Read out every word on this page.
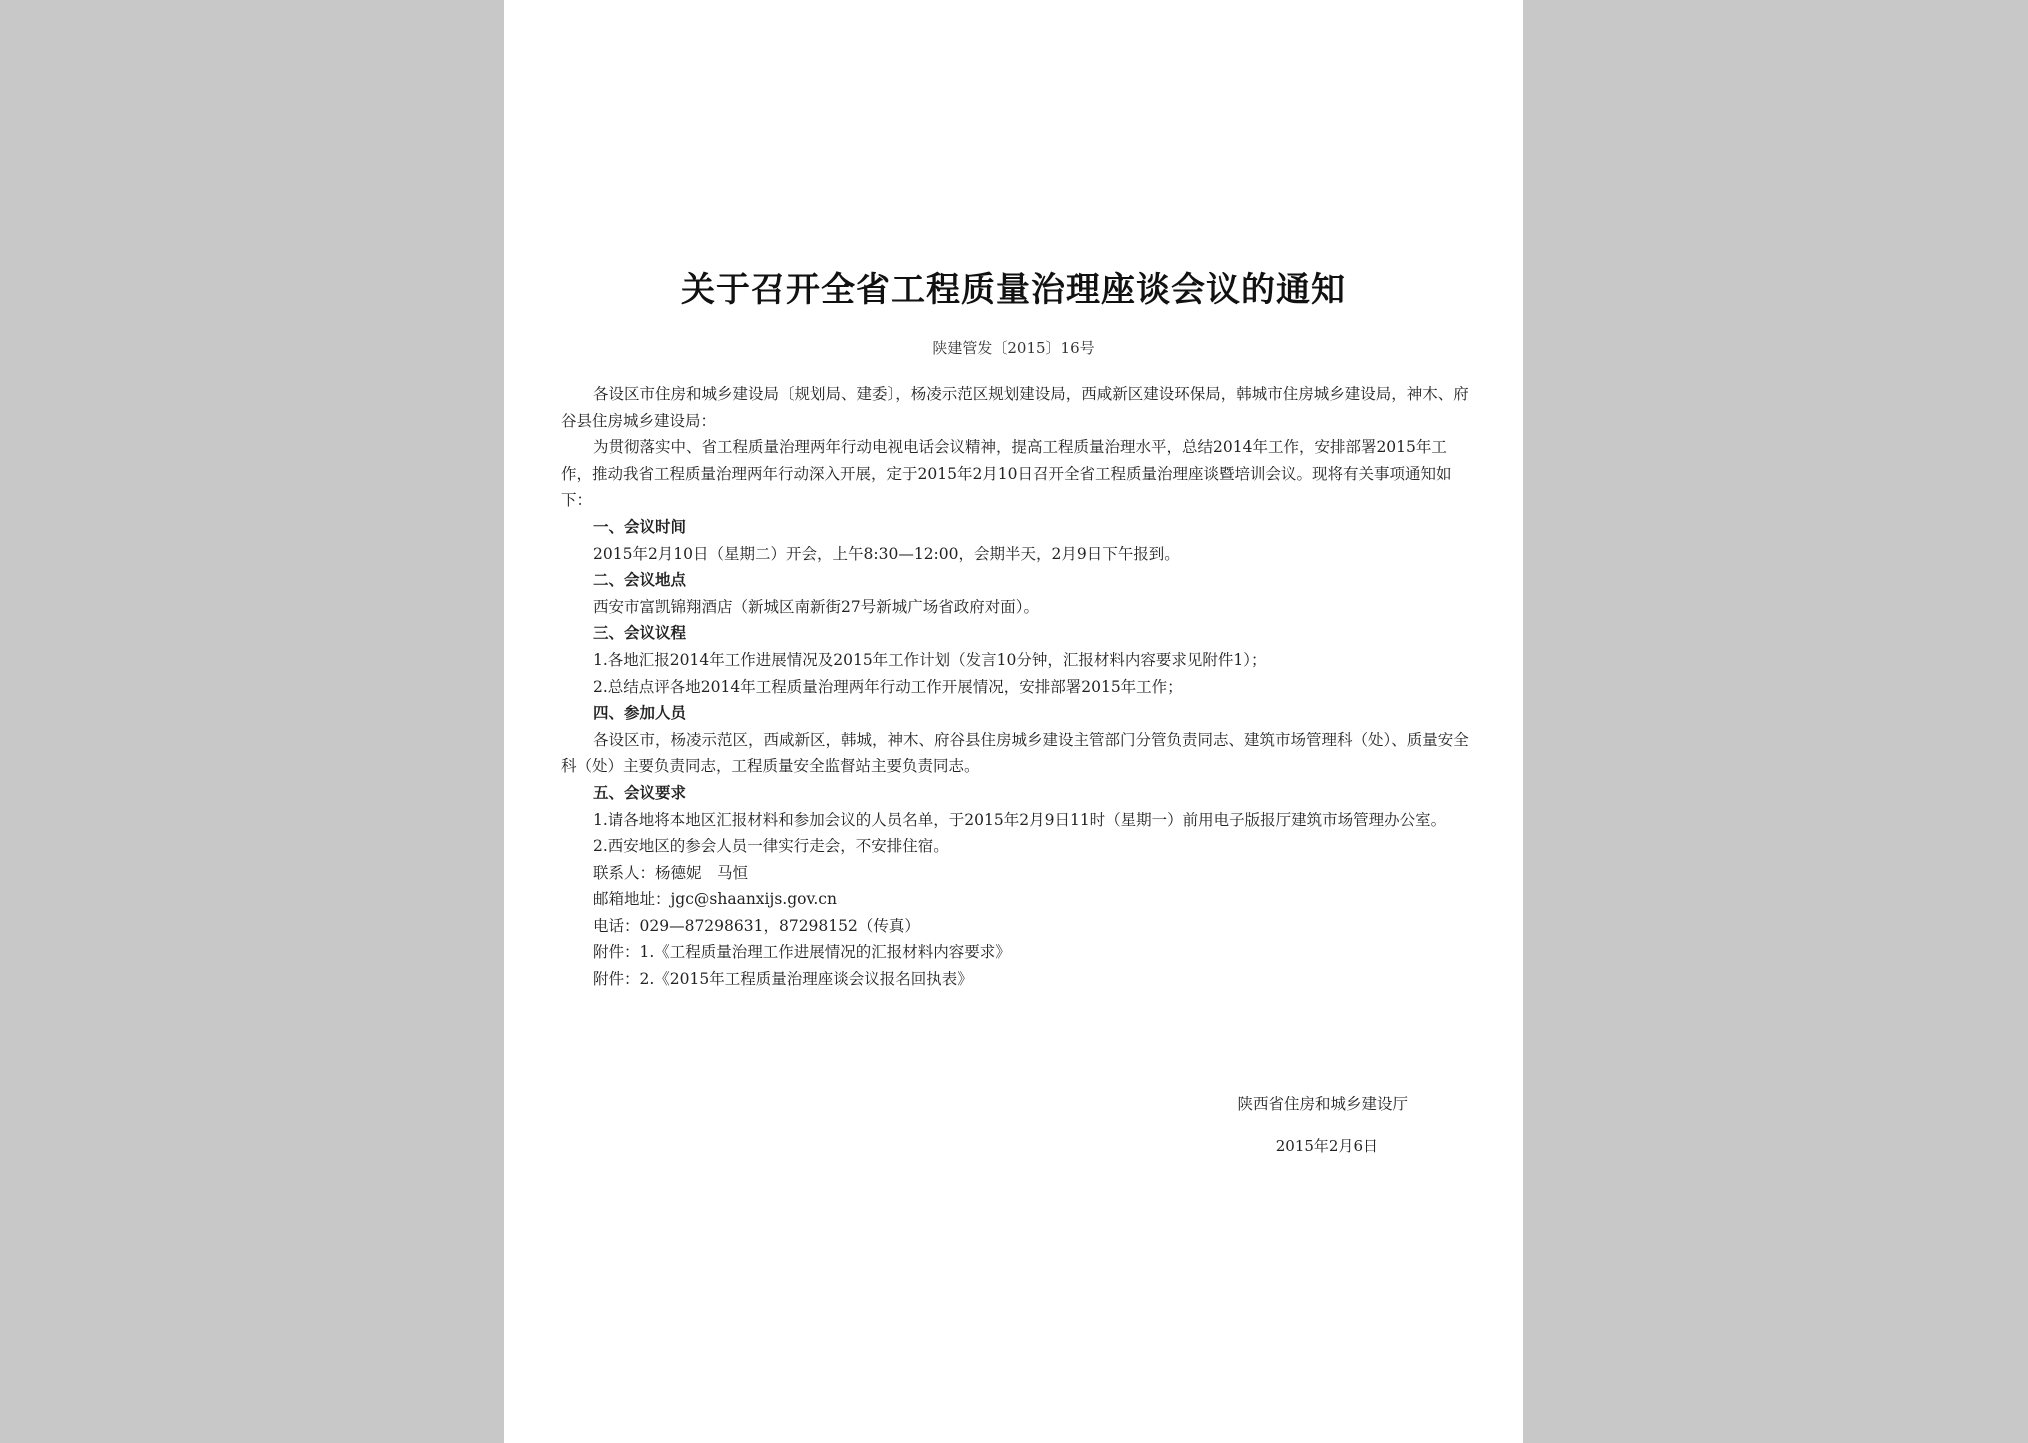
关于召开全省工程质量治理座谈会议的通知
陕建管发〔2015〕16号

各设区市住房和城乡建设局〔规划局、建委〕，杨凌示范区规划建设局，西咸新区建设环保局，韩城市住房城乡建设局，神木、府谷县住房城乡建设局：

为贯彻落实中、省工程质量治理两年行动电视电话会议精神，提高工程质量治理水平，总结2014年工作，安排部署2015年工作，推动我省工程质量治理两年行动深入开展，定于2015年2月10日召开全省工程质量治理座谈暨培训会议。现将有关事项通知如下：

一、会议时间

2015年2月10日（星期二）开会，上午8:30—12:00，会期半天，2月9日下午报到。

二、会议地点

西安市富凯锦翔酒店（新城区南新街27号新城广场省政府对面）。

三、会议议程

1.各地汇报2014年工作进展情况及2015年工作计划（发言10分钟，汇报材料内容要求见附件1）；

2.总结点评各地2014年工程质量治理两年行动工作开展情况，安排部署2015年工作；

四、参加人员

各设区市，杨凌示范区，西咸新区，韩城，神木、府谷县住房城乡建设主管部门分管负责同志、建筑市场管理科（处）、质量安全科（处）主要负责同志，工程质量安全监督站主要负责同志。

五、会议要求

1.请各地将本地区汇报材料和参加会议的人员名单，于2015年2月9日11时（星期一）前用电子版报厅建筑市场管理办公室。

2.西安地区的参会人员一律实行走会，不安排住宿。

联系人：杨德妮　马恒

邮箱地址：jgc@shaanxijs.gov.cn

电话：029—87298631，87298152（传真）

附件：1.《工程质量治理工作进展情况的汇报材料内容要求》

附件：2.《2015年工程质量治理座谈会议报名回执表》

陕西省住房和城乡建设厅
2015年2月6日
